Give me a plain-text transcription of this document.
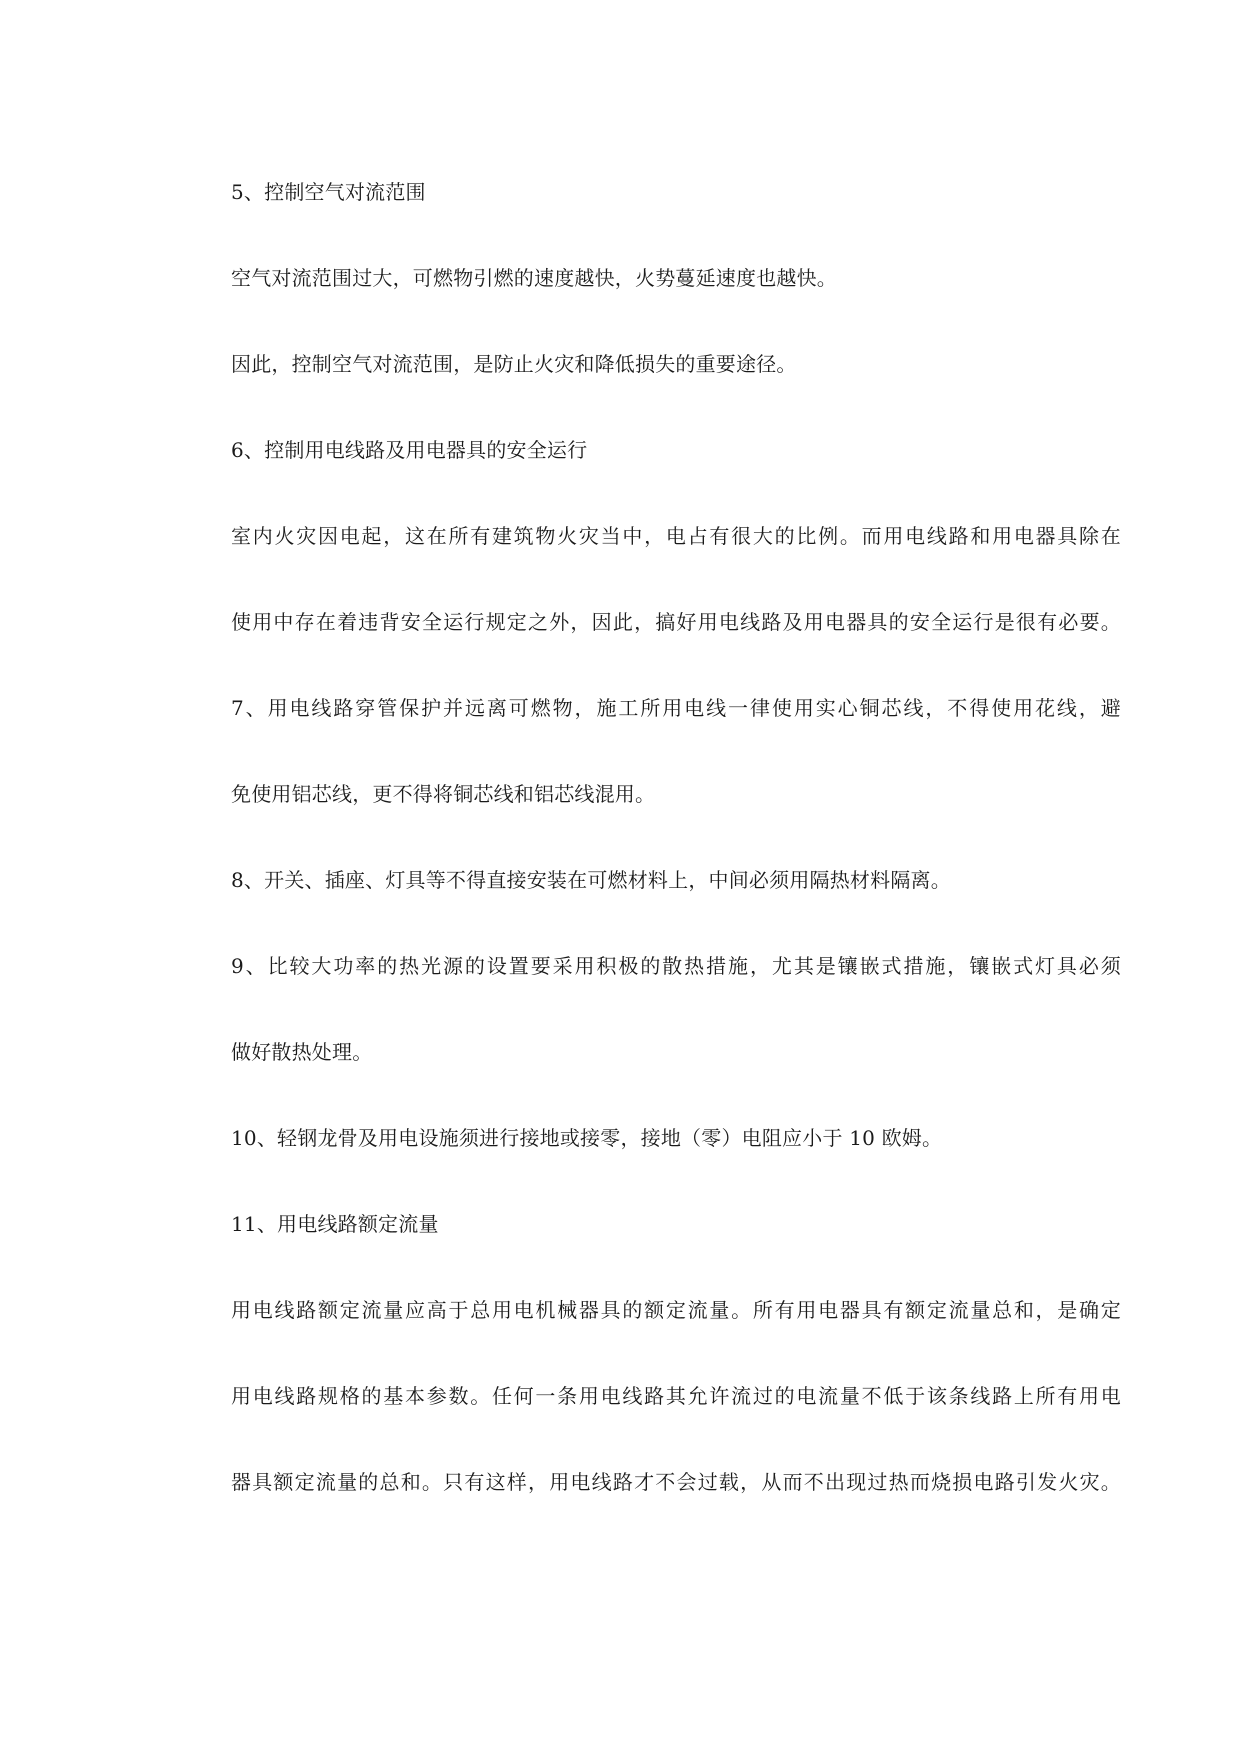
5、控制空气对流范围
空气对流范围过大，可燃物引燃的速度越快，火势蔓延速度也越快。
因此，控制空气对流范围，是防止火灾和降低损失的重要途径。
6、控制用电线路及用电器具的安全运行
室内火灾因电起，这在所有建筑物火灾当中，电占有很大的比例。而用电线路和用电器具除在
使用中存在着违背安全运行规定之外，因此，搞好用电线路及用电器具的安全运行是很有必要。
7、用电线路穿管保护并远离可燃物，施工所用电线一律使用实心铜芯线，不得使用花线，避
免使用铝芯线，更不得将铜芯线和铝芯线混用。
8、开关、插座、灯具等不得直接安装在可燃材料上，中间必须用隔热材料隔离。
9、比较大功率的热光源的设置要采用积极的散热措施，尤其是镶嵌式措施，镶嵌式灯具必须
做好散热处理。
10、轻钢龙骨及用电设施须进行接地或接零，接地（零）电阻应小于 10 欧姆。
11、用电线路额定流量
用电线路额定流量应高于总用电机械器具的额定流量。所有用电器具有额定流量总和，是确定
用电线路规格的基本参数。任何一条用电线路其允许流过的电流量不低于该条线路上所有用电
器具额定流量的总和。只有这样，用电线路才不会过载，从而不出现过热而烧损电路引发火灾。
